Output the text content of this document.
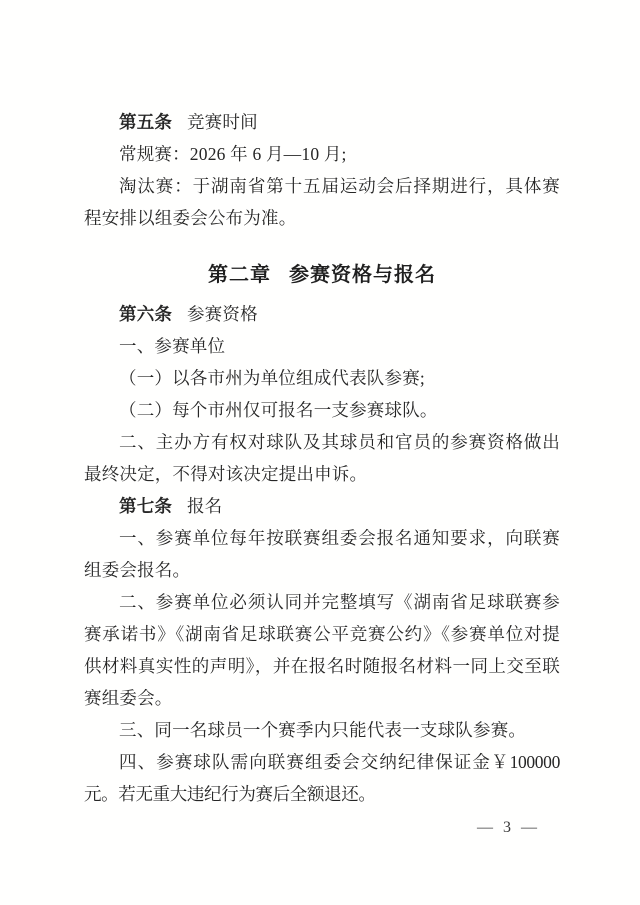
第五条 竞赛时间

常规赛：2026 年 6 月—10 月;

淘汰赛：于湖南省第十五届运动会后择期进行，具体赛程安排以组委会公布为准。

第二章 参赛资格与报名

第六条 参赛资格

一、参赛单位

（一）以各市州为单位组成代表队参赛;

（二）每个市州仅可报名一支参赛球队。

二、主办方有权对球队及其球员和官员的参赛资格做出最终决定，不得对该决定提出申诉。

第七条 报名

一、参赛单位每年按联赛组委会报名通知要求，向联赛组委会报名。

二、参赛单位必须认同并完整填写《湖南省足球联赛参赛承诺书》《湖南省足球联赛公平竞赛公约》《参赛单位对提供材料真实性的声明》，并在报名时随报名材料一同上交至联赛组委会。

三、同一名球员一个赛季内只能代表一支球队参赛。

四、参赛球队需向联赛组委会交纳纪律保证金￥100000 元。若无重大违纪行为赛后全额退还。

— 3 —
